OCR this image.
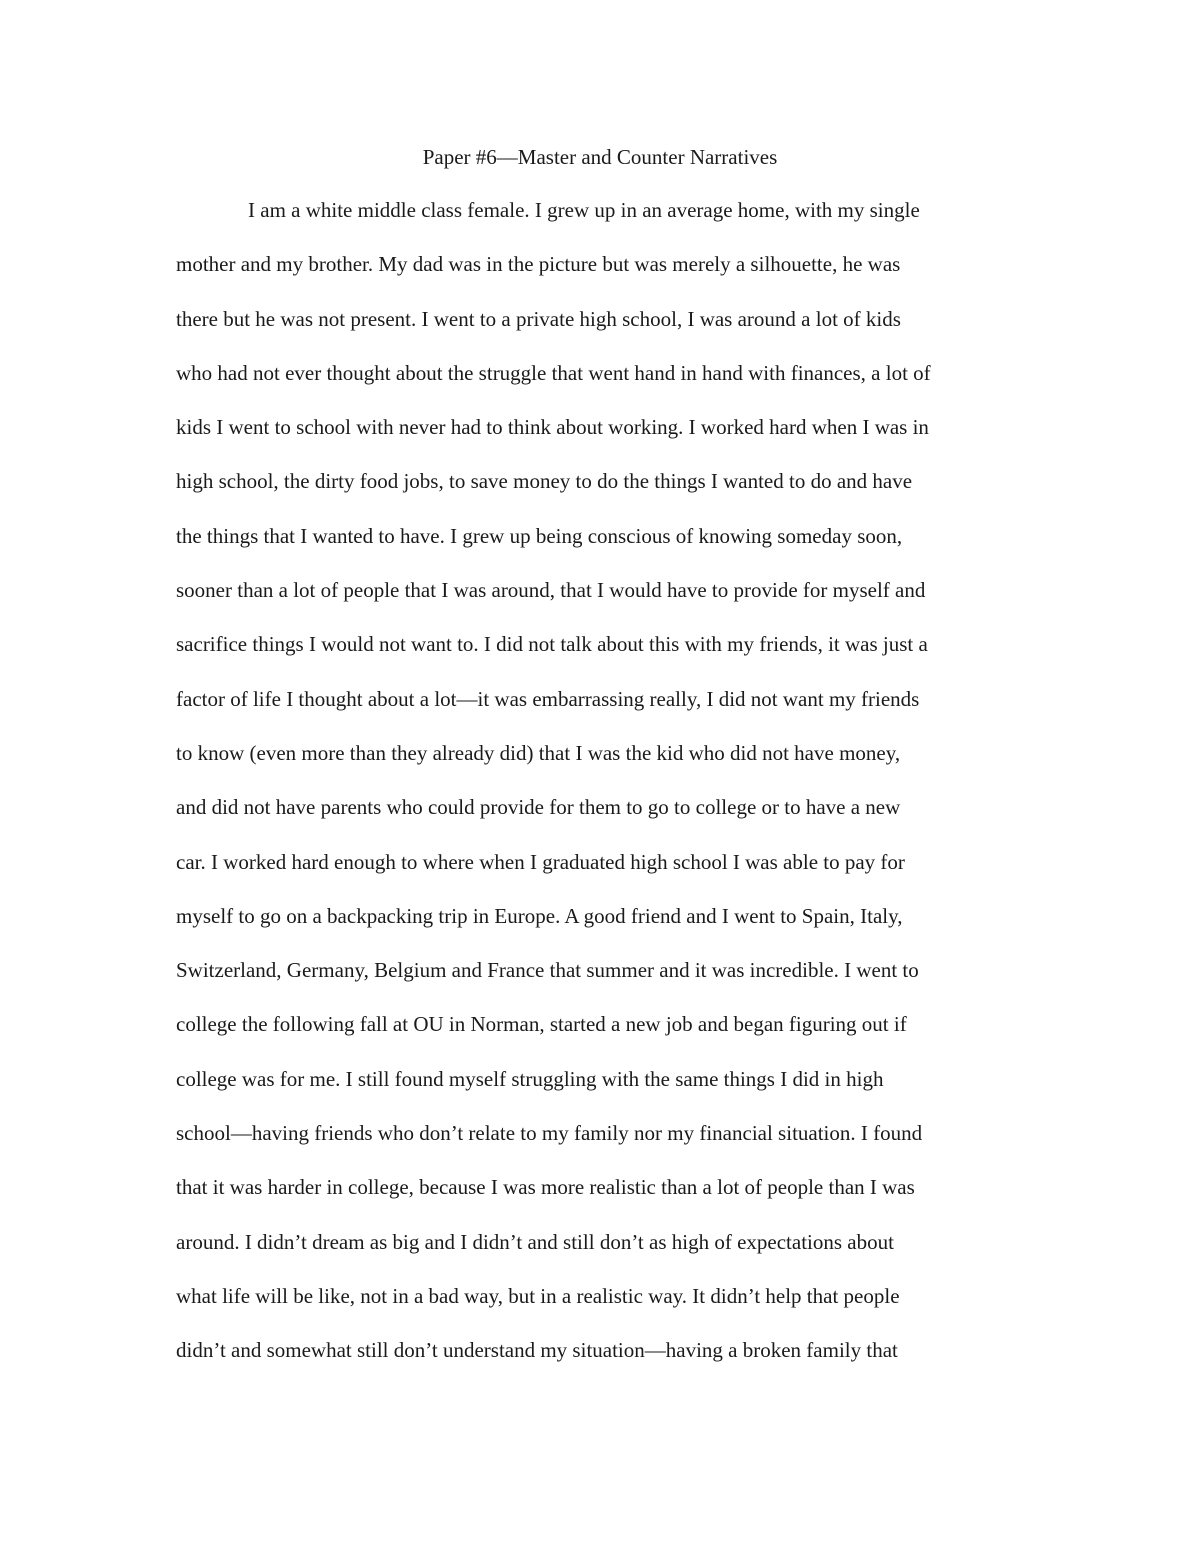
Paper #6—Master and Counter Narratives
I am a white middle class female. I grew up in an average home, with my single
mother and my brother. My dad was in the picture but was merely a silhouette, he was
there but he was not present. I went to a private high school, I was around a lot of kids
who had not ever thought about the struggle that went hand in hand with finances, a lot of
kids I went to school with never had to think about working. I worked hard when I was in
high school, the dirty food jobs, to save money to do the things I wanted to do and have
the things that I wanted to have. I grew up being conscious of knowing someday soon,
sooner than a lot of people that I was around, that I would have to provide for myself and
sacrifice things I would not want to. I did not talk about this with my friends, it was just a
factor of life I thought about a lot—it was embarrassing really, I did not want my friends
to know (even more than they already did) that I was the kid who did not have money,
and did not have parents who could provide for them to go to college or to have a new
car. I worked hard enough to where when I graduated high school I was able to pay for
myself to go on a backpacking trip in Europe. A good friend and I went to Spain, Italy,
Switzerland, Germany, Belgium and France that summer and it was incredible. I went to
college the following fall at OU in Norman, started a new job and began figuring out if
college was for me. I still found myself struggling with the same things I did in high
school—having friends who don’t relate to my family nor my financial situation. I found
that it was harder in college, because I was more realistic than a lot of people than I was
around. I didn’t dream as big and I didn’t and still don’t as high of expectations about
what life will be like, not in a bad way, but in a realistic way. It didn’t help that people
didn’t and somewhat still don’t understand my situation—having a broken family that
